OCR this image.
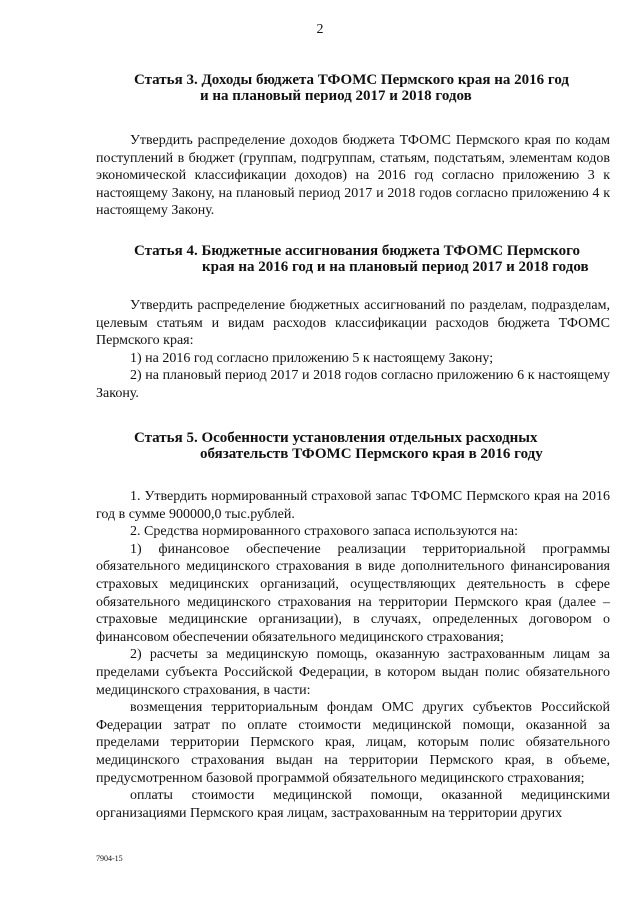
2
Статья 3. Доходы бюджета ТФОМС Пермского края на 2016 год
и на плановый период 2017 и 2018 годов

Утвердить распределение доходов бюджета ТФОМС Пермского края по кодам поступлений в бюджет (группам, подгруппам, статьям, подстатьям, элементам кодов экономической классификации доходов) на 2016 год согласно приложению 3 к настоящему Закону, на плановый период 2017 и 2018 годов согласно приложению 4 к настоящему Закону.

Статья 4. Бюджетные ассигнования бюджета ТФОМС Пермского
края на 2016 год и на плановый период 2017 и 2018 годов

Утвердить распределение бюджетных ассигнований по разделам, подразделам, целевым статьям и видам расходов классификации расходов бюджета ТФОМС Пермского края:

1) на 2016 год согласно приложению 5 к настоящему Закону;

2) на плановый период 2017 и 2018 годов согласно приложению 6 к настоящему Закону.

Статья 5. Особенности установления отдельных расходных
обязательств ТФОМС Пермского края в 2016 году

1. Утвердить нормированный страховой запас ТФОМС Пермского края на 2016 год в сумме 900000,0 тыс.рублей.

2. Средства нормированного страхового запаса используются на:

1) финансовое обеспечение реализации территориальной программы обязательного медицинского страхования в виде дополнительного финансирования страховых медицинских организаций, осуществляющих деятельность в сфере обязательного медицинского страхования на территории Пермского края (далее – страховые медицинские организации), в случаях, определенных договором о финансовом обеспечении обязательного медицинского страхования;

2) расчеты за медицинскую помощь, оказанную застрахованным лицам за пределами субъекта Российской Федерации, в котором выдан полис обязательного медицинского страхования, в части:

возмещения территориальным фондам ОМС других субъектов Российской Федерации затрат по оплате стоимости медицинской помощи, оказанной за пределами территории Пермского края, лицам, которым полис обязательного медицинского страхования выдан на территории Пермского края, в объеме, предусмотренном базовой программой обязательного медицинского страхования;

оплаты стоимости медицинской помощи, оказанной медицинскими организациями Пермского края лицам, застрахованным на территории других

7904-15
